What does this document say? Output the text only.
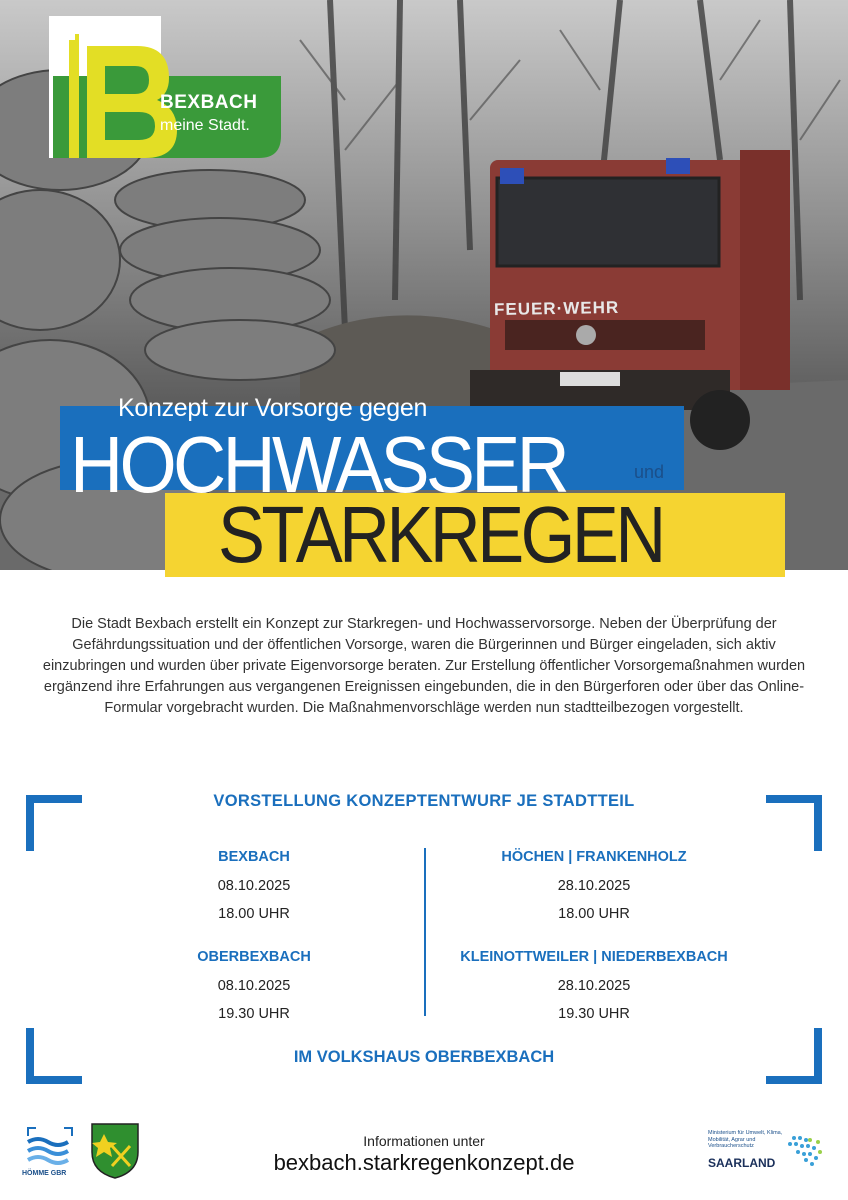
FEUER·WEHR
BEXBACH
meine Stadt.
Konzept zur Vorsorge gegen
HOCHWASSER	und
STARKREGEN
Die Stadt Bexbach erstellt ein Konzept zur Starkregen- und Hochwasservorsorge. Neben der Überprüfung der Gefährdungssituation und der öffentlichen Vorsorge, waren die Bürgerinnen und Bürger eingeladen, sich aktiv einzubringen und wurden über private Eigenvorsorge beraten. Zur Erstellung öffentlicher Vorsorgemaßnahmen wurden ergänzend ihre Erfahrungen aus vergangenen Ereignissen eingebunden, die in den Bürgerforen oder über das Online-Formular vorgebracht wurden. Die Maßnahmenvorschläge werden nun stadtteilbezogen vorgestellt.
VORSTELLUNG KONZEPTENTWURF JE STADTTEIL
BEXBACH
08.10.2025
18.00 UHR
HÖCHEN | FRANKENHOLZ
28.10.2025
18.00 UHR
OBERBEXBACH
08.10.2025
19.30 UHR
KLEINOTTWEILER | NIEDERBEXBACH
28.10.2025
19.30 UHR
IM VOLKSHAUS OBERBEXBACH
HÖMME GBR
Informationen unter
bexbach.starkregenkonzept.de
Ministerium für Umwelt, Klima, Mobilität, Agrar und Verbraucherschutz
SAARLAND
